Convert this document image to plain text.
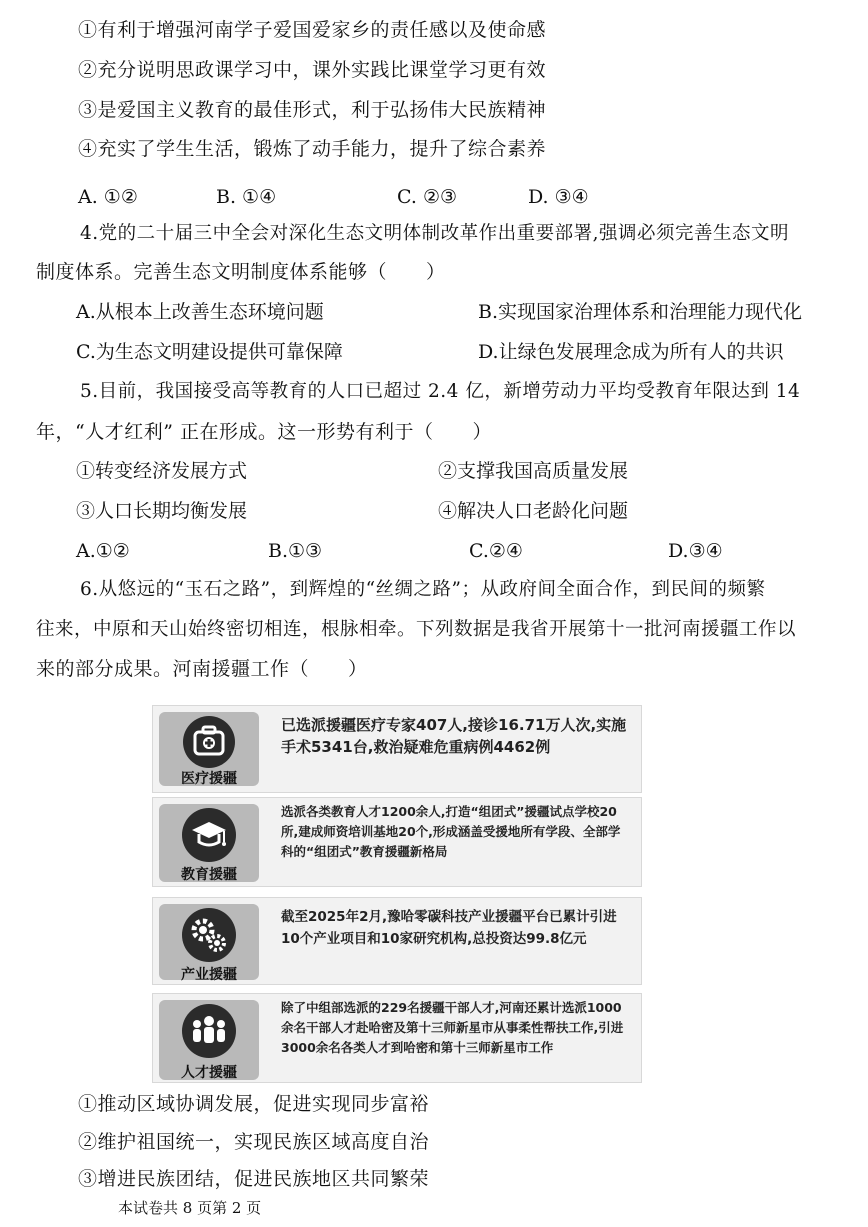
①有利于增强河南学子爱国爱家乡的责任感以及使命感
②充分说明思政课学习中，课外实践比课堂学习更有效
③是爱国主义教育的最佳形式，利于弘扬伟大民族精神
④充实了学生生活，锻炼了动手能力，提升了综合素养
A. ①②	B. ①④	C. ②③	D. ③④
4.党的二十届三中全会对深化生态文明体制改革作出重要部署,强调必须完善生态文明
制度体系。完善生态文明制度体系能够（　　）
A.从根本上改善生态环境问题	B.实现国家治理体系和治理能力现代化
C.为生态文明建设提供可靠保障	D.让绿色发展理念成为所有人的共识
5.目前，我国接受高等教育的人口已超过 2.4 亿，新增劳动力平均受教育年限达到 14
年，“人才红利” 正在形成。这一形势有利于（　　）
①转变经济发展方式	②支撑我国高质量发展
③人口长期均衡发展	④解决人口老龄化问题
A.①②	B.①③	C.②④	D.③④
6.从悠远的“玉石之路”，到辉煌的“丝绸之路”；从政府间全面合作，到民间的频繁
往来，中原和天山始终密切相连，根脉相牵。下列数据是我省开展第十一批河南援疆工作以
来的部分成果。河南援疆工作（　　）
医疗援疆
已选派援疆医疗专家407人,接诊16.71万人次,实施手术5341台,救治疑难危重病例4462例
教育援疆
选派各类教育人才1200余人,打造“组团式”援疆试点学校20所,建成师资培训基地20个,形成涵盖受援地所有学段、全部学科的“组团式”教育援疆新格局
产业援疆
截至2025年2月,豫哈零碳科技产业援疆平台已累计引进10个产业项目和10家研究机构,总投资达99.8亿元
人才援疆
除了中组部选派的229名援疆干部人才,河南还累计选派1000余名干部人才赴哈密及第十三师新星市从事柔性帮扶工作,引进3000余名各类人才到哈密和第十三师新星市工作
①推动区域协调发展，促进实现同步富裕
②维护祖国统一，实现民族区域高度自治
③增进民族团结，促进民族地区共同繁荣
本试卷共 8 页第 2 页
